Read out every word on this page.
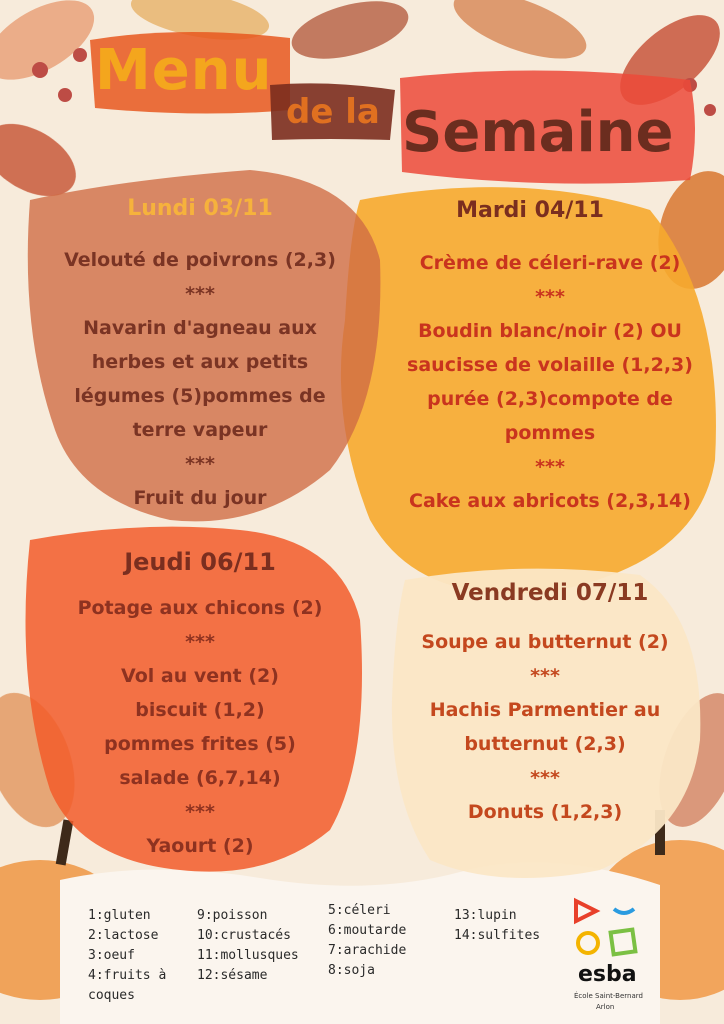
Menu
de la Semaine
Lundi 03/11
Velouté de poivrons (2,3)
***
Navarin d'agneau aux
herbes et aux petits
légumes (5)pommes de
terre vapeur
***
Fruit du jour
Mardi 04/11
Crème de céleri-rave (2)
***
Boudin blanc/noir (2) OU
saucisse de volaille (1,2,3)
purée (2,3)compote de
pommes
***
Cake aux abricots (2,3,14)
Jeudi 06/11
Potage aux chicons (2)
***
Vol au vent (2)
biscuit (1,2)
pommes frites (5)
salade (6,7,14)
***
Yaourt (2)
Vendredi 07/11
Soupe au butternut (2)
***
Hachis Parmentier au
butternut (2,3)
***
Donuts (1,2,3)
1:gluten
2:lactose
3:oeuf
4:fruits à
coques
9:poisson
10:crustacés
11:mollusques
12:sésame
5:céleri
6:moutarde
7:arachide
8:soja
13:lupin
14:sulfites
esba
École Saint-Bernard
Arlon
